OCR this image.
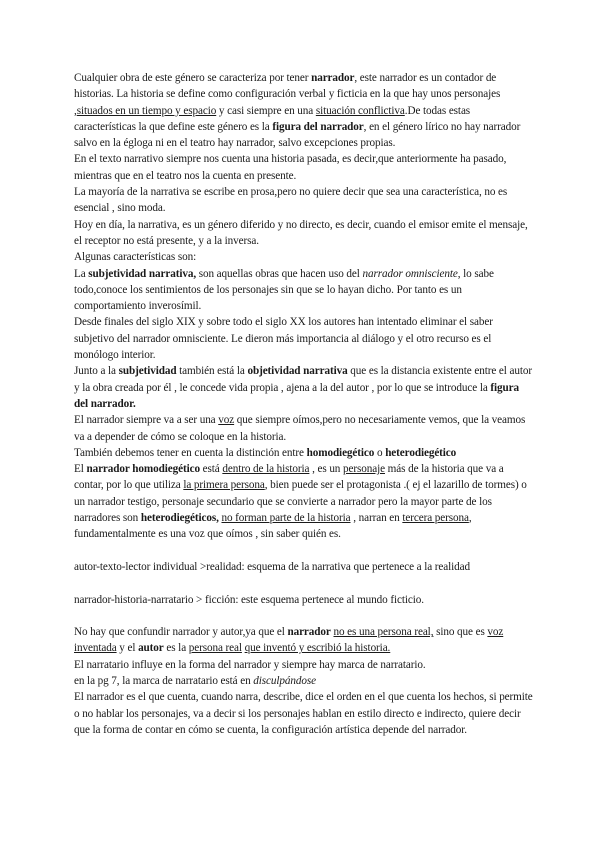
Cualquier obra de este género se caracteriza por tener narrador, este narrador es un contador de historias. La historia se define como configuración verbal y ficticia en la que hay unos personajes ,situados en un tiempo y espacio y casi siempre en una situación conflictiva.De todas estas características la que define este género es la figura del narrador, en el género lírico no hay narrador salvo en la égloga ni en el teatro hay narrador, salvo excepciones propias.

En el texto narrativo siempre nos cuenta una historia pasada, es decir,que anteriormente ha pasado, mientras que en el teatro nos la cuenta en presente.

La mayoría de la narrativa se escribe en prosa,pero no quiere decir que sea una característica, no es esencial , sino moda.

Hoy en día, la narrativa, es un género diferido y no directo, es decir, cuando el emisor emite el mensaje, el receptor no está presente, y a la inversa.

Algunas características son:

La subjetividad narrativa, son aquellas obras que hacen uso del narrador omnisciente, lo sabe todo,conoce los sentimientos de los personajes sin que se lo hayan dicho. Por tanto es un comportamiento inverosímil.

Desde finales del siglo XIX y sobre todo el siglo XX los autores han intentado eliminar el saber subjetivo del narrador omnisciente. Le dieron más importancia al diálogo y el otro recurso es el monólogo interior.

Junto a la subjetividad también está la objetividad narrativa que es la distancia existente entre el autor y la obra creada por él , le concede vida propia , ajena a la del autor , por lo que se introduce la figura del narrador.

El narrador siempre va a ser una voz que siempre oímos,pero no necesariamente vemos, que la veamos va a depender de cómo se coloque en la historia.

También debemos tener en cuenta la distinción entre homodiegético o heterodiegético

El narrador homodiegético está dentro de la historia , es un personaje más de la historia que va a contar, por lo que utiliza la primera persona, bien puede ser el protagonista .( ej el lazarillo de tormes) o un narrador testigo, personaje secundario que se convierte a narrador pero la mayor parte de los narradores son heterodiegéticos, no forman parte de la historia , narran en tercera persona, fundamentalmente es una voz que oímos , sin saber quién es.

autor-texto-lector individual >realidad: esquema de la narrativa que pertenece a la realidad

narrador-historia-narratario > ficción: este esquema pertenece al mundo ficticio.

No hay que confundir narrador y autor,ya que el narrador no es una persona real, sino que es voz inventada y el autor es la persona real que inventó y escribió la historia.

El narratario influye en la forma del narrador y siempre hay marca de narratario.

en la pg 7, la marca de narratario está en disculpándose

El narrador es el que cuenta, cuando narra, describe, dice el orden en el que cuenta los hechos, si permite o no hablar los personajes, va a decir si los personajes hablan en estilo directo e indirecto, quiere decir que la forma de contar en cómo se cuenta, la configuración artística depende del narrador.
